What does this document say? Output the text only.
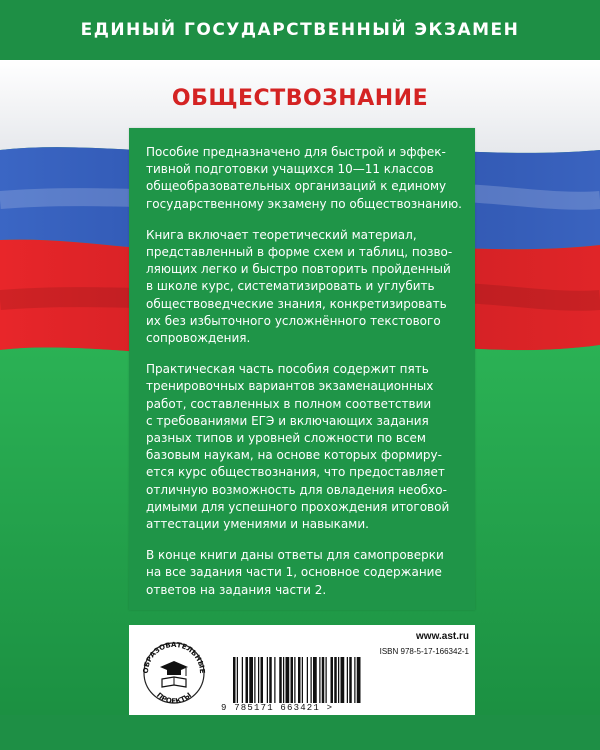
ЕДИНЫЙ ГОСУДАРСТВЕННЫЙ ЭКЗАМЕН
ОБЩЕСТВОЗНАНИЕ

Пособие предназначено для быстрой и эффек-
тивной подготовки учащихся 10—11 классов
общеобразовательных организаций к единому
государственному экзамену по обществознанию.

Книга включает теоретический материал,
представленный в форме схем и таблиц, позво-
ляющих легко и быстро повторить пройденный
в школе курс, систематизировать и углубить
обществоведческие знания, конкретизировать
их без избыточного усложнённого текстового
сопровождения.

Практическая часть пособия содержит пять
тренировочных вариантов экзаменационных
работ, составленных в полном соответствии
с требованиями ЕГЭ и включающих задания
разных типов и уровней сложности по всем
базовым наукам, на основе которых формиру-
ется курс обществознания, что предоставляет
отличную возможность для овладения необхо-
димыми для успешного прохождения итоговой
аттестации умениями и навыками.

В конце книги даны ответы для самопроверки
на все задания части 1, основное содержание
ответов на задания части 2.

ОБРАЗОВАТЕЛЬНЫЕ
ПРОЕКТЫ
www.ast.ru
ISBN 978-5-17-166342-1
9 785171 663421 >
